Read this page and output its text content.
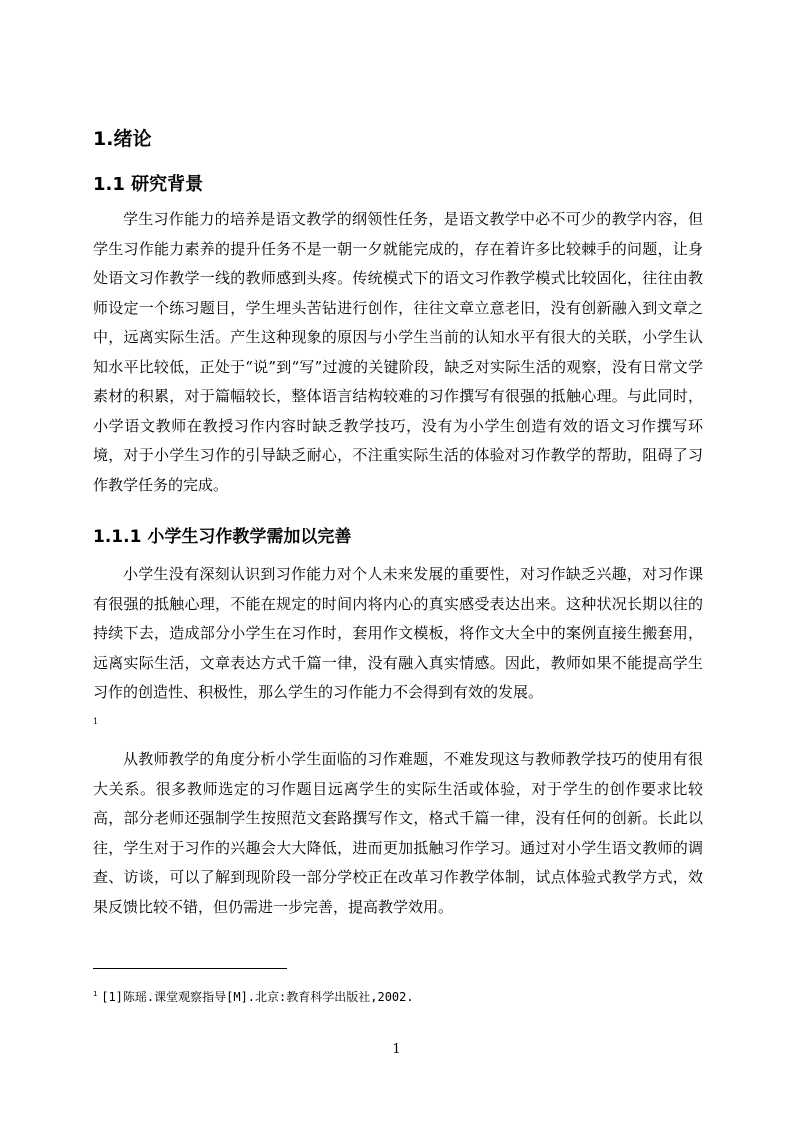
1.绪论
1.1 研究背景

学生习作能力的培养是语文教学的纲领性任务，是语文教学中必不可少的教学内容，但学生习作能力素养的提升任务不是一朝一夕就能完成的，存在着许多比较棘手的问题，让身处语文习作教学一线的教师感到头疼。传统模式下的语文习作教学模式比较固化，往往由教师设定一个练习题目，学生埋头苦钻进行创作，往往文章立意老旧，没有创新融入到文章之中，远离实际生活。产生这种现象的原因与小学生当前的认知水平有很大的关联，小学生认知水平比较低，正处于“说”到“写”过渡的关键阶段，缺乏对实际生活的观察，没有日常文学素材的积累，对于篇幅较长，整体语言结构较难的习作撰写有很强的抵触心理。与此同时，小学语文教师在教授习作内容时缺乏教学技巧，没有为小学生创造有效的语文习作撰写环境，对于小学生习作的引导缺乏耐心，不注重实际生活的体验对习作教学的帮助，阻碍了习作教学任务的完成。

1.1.1 小学生习作教学需加以完善

小学生没有深刻认识到习作能力对个人未来发展的重要性，对习作缺乏兴趣，对习作课有很强的抵触心理，不能在规定的时间内将内心的真实感受表达出来。这种状况长期以往的持续下去，造成部分小学生在习作时，套用作文模板，将作文大全中的案例直接生搬套用，远离实际生活，文章表达方式千篇一律，没有融入真实情感。因此，教师如果不能提高学生习作的创造性、积极性，那么学生的习作能力不会得到有效的发展。

1

从教师教学的角度分析小学生面临的习作难题，不难发现这与教师教学技巧的使用有很大关系。很多教师选定的习作题目远离学生的实际生活或体验，对于学生的创作要求比较高，部分老师还强制学生按照范文套路撰写作文，格式千篇一律，没有任何的创新。长此以往，学生对于习作的兴趣会大大降低，进而更加抵触习作学习。通过对小学生语文教师的调查、访谈，可以了解到现阶段一部分学校正在改革习作教学体制，试点体验式教学方式，效果反馈比较不错，但仍需进一步完善，提高教学效用。

$^1$ [1]陈瑶.课堂观察指导[M].北京:教育科学出版社,2002.
1
